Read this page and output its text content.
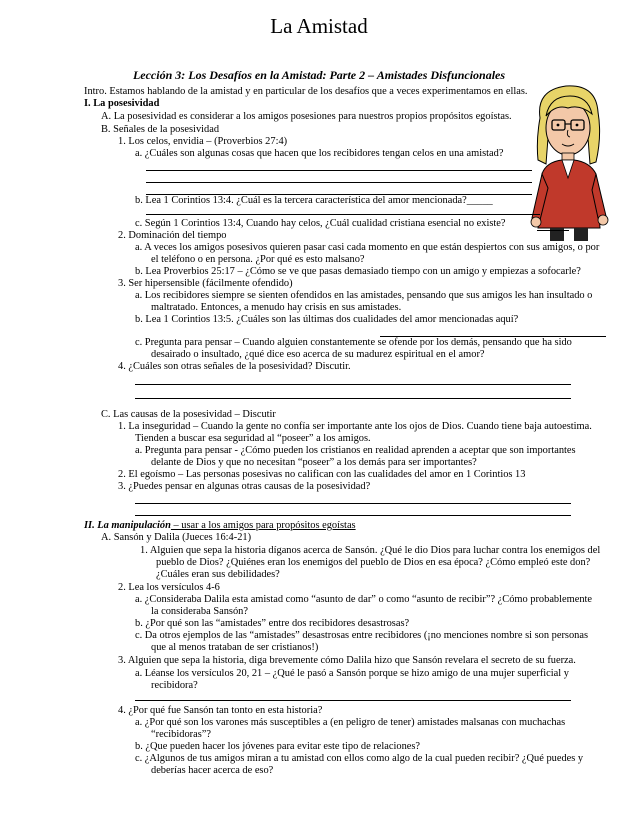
La Amistad
Lección 3: Los Desafíos en la Amistad: Parte 2 – Amistades Disfuncionales
Intro. Estamos hablando de la amistad y en particular de los desafíos que a veces experimentamos en ellas.
I. La posesividad
A. La posesividad es considerar a los amigos posesiones para nuestros propios propósitos egoístas.
B. Señales de la posesividad
1. Los celos, envidia – (Proverbios 27:4)
a. ¿Cuáles son algunas cosas que hacen que los recibidores tengan celos en una amistad?
b. Lea 1 Corintios 13:4. ¿Cuál es la tercera característica del amor mencionada?_____
c. Según 1 Corintios 13:4, Cuando hay celos, ¿Cuál cualidad cristiana esencial no existe?
2. Dominación del tiempo
a. A veces los amigos posesivos quieren pasar casi cada momento en que están despiertos con sus amigos, o por
el teléfono o en persona. ¿Por qué es esto malsano?
b. Lea Proverbios 25:17 – ¿Cómo se ve que pasas demasiado tiempo con un amigo y empiezas a sofocarle?
3. Ser hipersensible (fácilmente ofendido)
a. Los recibidores siempre se sienten ofendidos en las amistades, pensando que sus amigos les han insultado o
maltratado. Entonces, a menudo hay crisis en sus amistades.
b. Lea 1 Corintios 13:5. ¿Cuáles son las últimas dos cualidades del amor mencionadas aquí?
c. Pregunta para pensar – Cuando alguien constantemente se ofende por los demás, pensando que ha sido
desairado o insultado, ¿qué dice eso acerca de su madurez espiritual en el amor?
4. ¿Cuáles son otras señales de la posesividad? Discutir.
C. Las causas de la posesividad – Discutir
1. La inseguridad – Cuando la gente no confía ser importante ante los ojos de Dios. Cuando tiene baja autoestima.
Tienden a buscar esa seguridad al “poseer” a los amigos.
a. Pregunta para pensar - ¿Cómo pueden los cristianos en realidad aprenden a aceptar que son importantes
delante de Dios y que no necesitan “poseer” a los demás para ser importantes?
2. El egoísmo – Las personas posesivas no califican con las cualidades del amor en 1 Corintios 13
3. ¿Puedes pensar en algunas otras causas de la posesividad?
II. La manipulación – usar a los amigos para propósitos egoístas
A. Sansón y Dalila (Jueces 16:4-21)
1. Alguien que sepa la historia díganos acerca de Sansón. ¿Qué le dio Dios para luchar contra los enemigos del
pueblo de Dios? ¿Quiénes eran los enemigos del pueblo de Dios en esa época? ¿Cómo empleó este don?
¿Cuáles eran sus debilidades?
2. Lea los versículos 4-6
a. ¿Consideraba Dalila esta amistad como “asunto de dar” o como “asunto de recibir”? ¿Cómo probablemente
la consideraba Sansón?
b. ¿Por qué son las “amistades” entre dos recibidores desastrosas?
c. Da otros ejemplos de las “amistades” desastrosas entre recibidores (¡no menciones nombre si son personas
que al menos trataban de ser cristianos!)
3. Alguien que sepa la historia, diga brevemente cómo Dalila hizo que Sansón revelara el secreto de su fuerza.
a. Léanse los versículos 20, 21 – ¿Qué le pasó a Sansón porque se hizo amigo de una mujer superficial y
recibidora?
4. ¿Por qué fue Sansón tan tonto en esta historia?
a. ¿Por qué son los varones más susceptibles a (en peligro de tener) amistades malsanas con muchachas
“recibidoras”?
b. ¿Que pueden hacer los jóvenes para evitar este tipo de relaciones?
c. ¿Algunos de tus amigos miran a tu amistad con ellos como algo de la cual pueden recibir? ¿Qué puedes y
deberías hacer acerca de eso?
